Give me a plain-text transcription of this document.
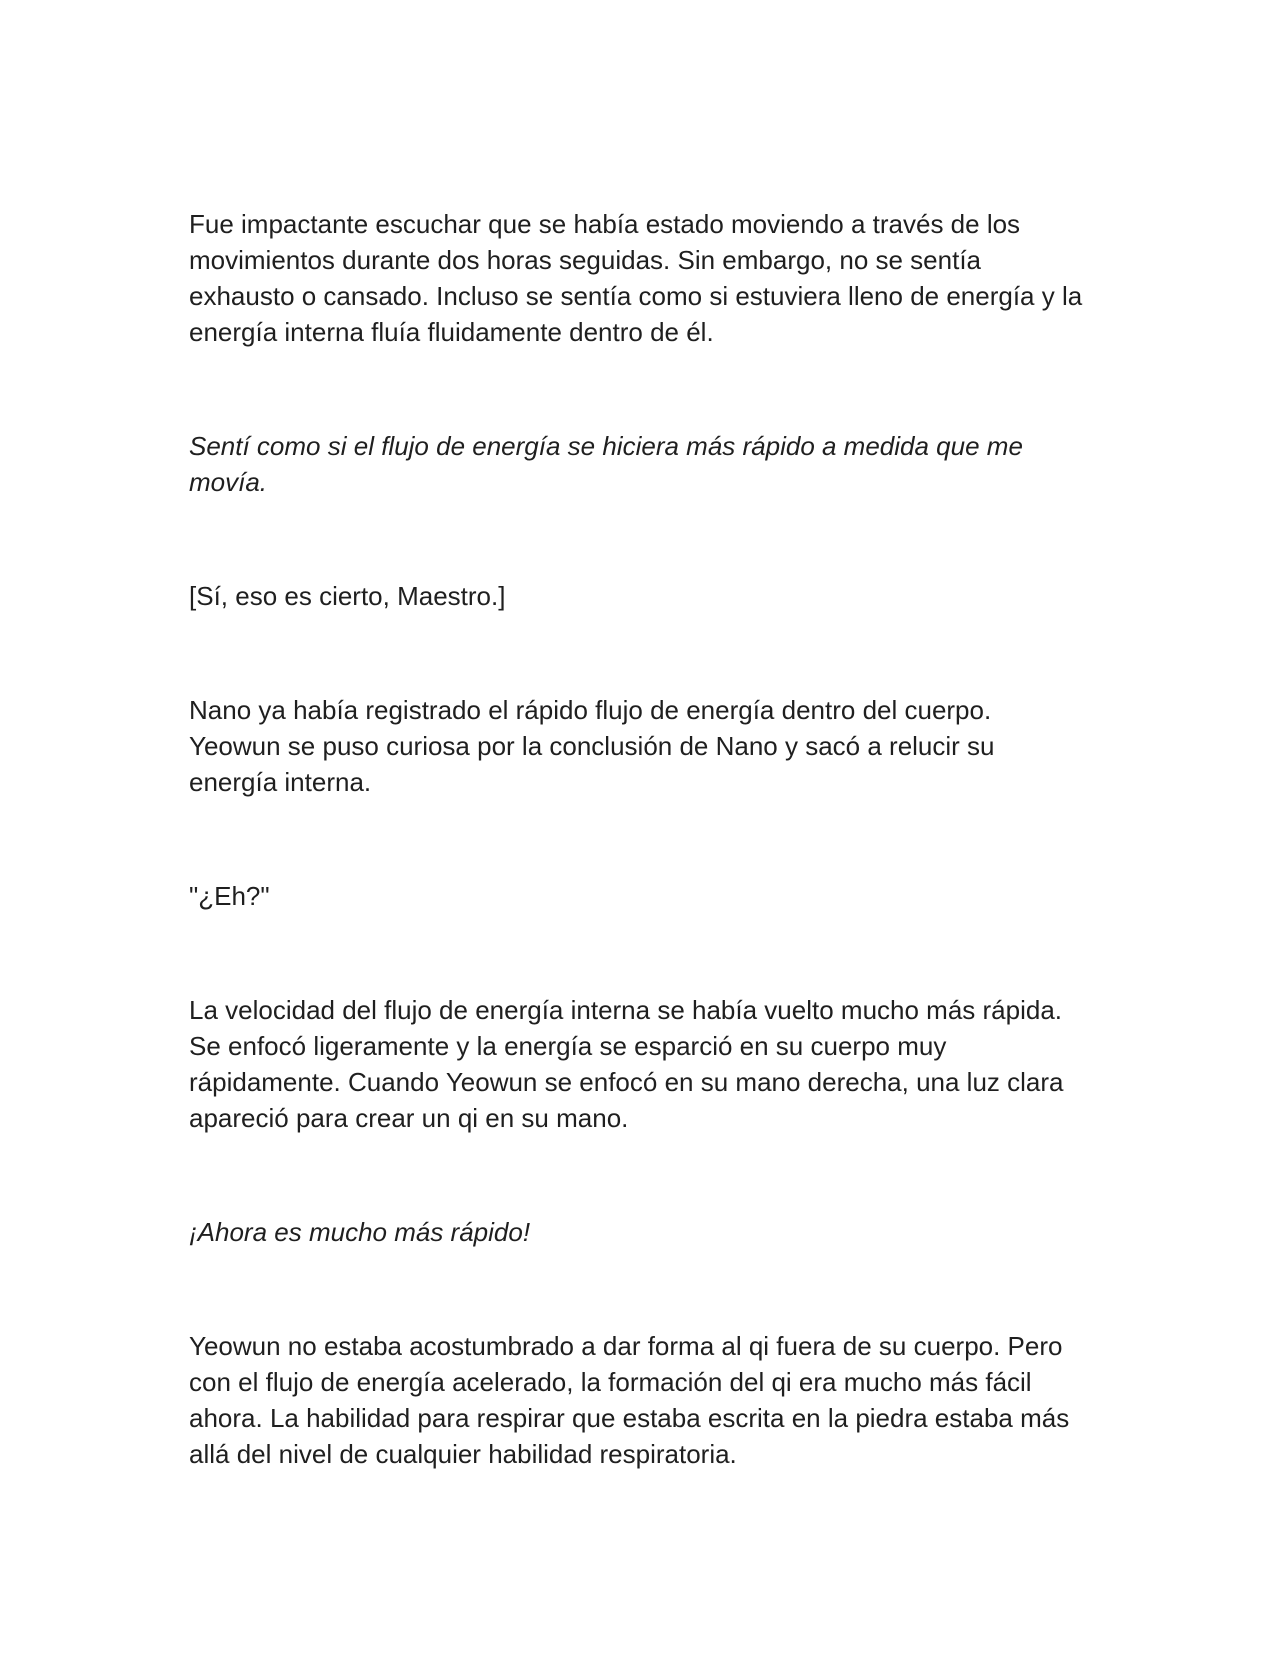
Fue impactante escuchar que se había estado moviendo a través de los movimientos durante dos horas seguidas. Sin embargo, no se sentía exhausto o cansado. Incluso se sentía como si estuviera lleno de energía y la energía interna fluía fluidamente dentro de él.

Sentí como si el flujo de energía se hiciera más rápido a medida que me movía.

[Sí, eso es cierto, Maestro.]

Nano ya había registrado el rápido flujo de energía dentro del cuerpo. Yeowun se puso curiosa por la conclusión de Nano y sacó a relucir su energía interna.

"¿Eh?"

La velocidad del flujo de energía interna se había vuelto mucho más rápida. Se enfocó ligeramente y la energía se esparció en su cuerpo muy rápidamente. Cuando Yeowun se enfocó en su mano derecha, una luz clara apareció para crear un qi en su mano.

¡Ahora es mucho más rápido!

Yeowun no estaba acostumbrado a dar forma al qi fuera de su cuerpo. Pero con el flujo de energía acelerado, la formación del qi era mucho más fácil ahora. La habilidad para respirar que estaba escrita en la piedra estaba más allá del nivel de cualquier habilidad respiratoria.
